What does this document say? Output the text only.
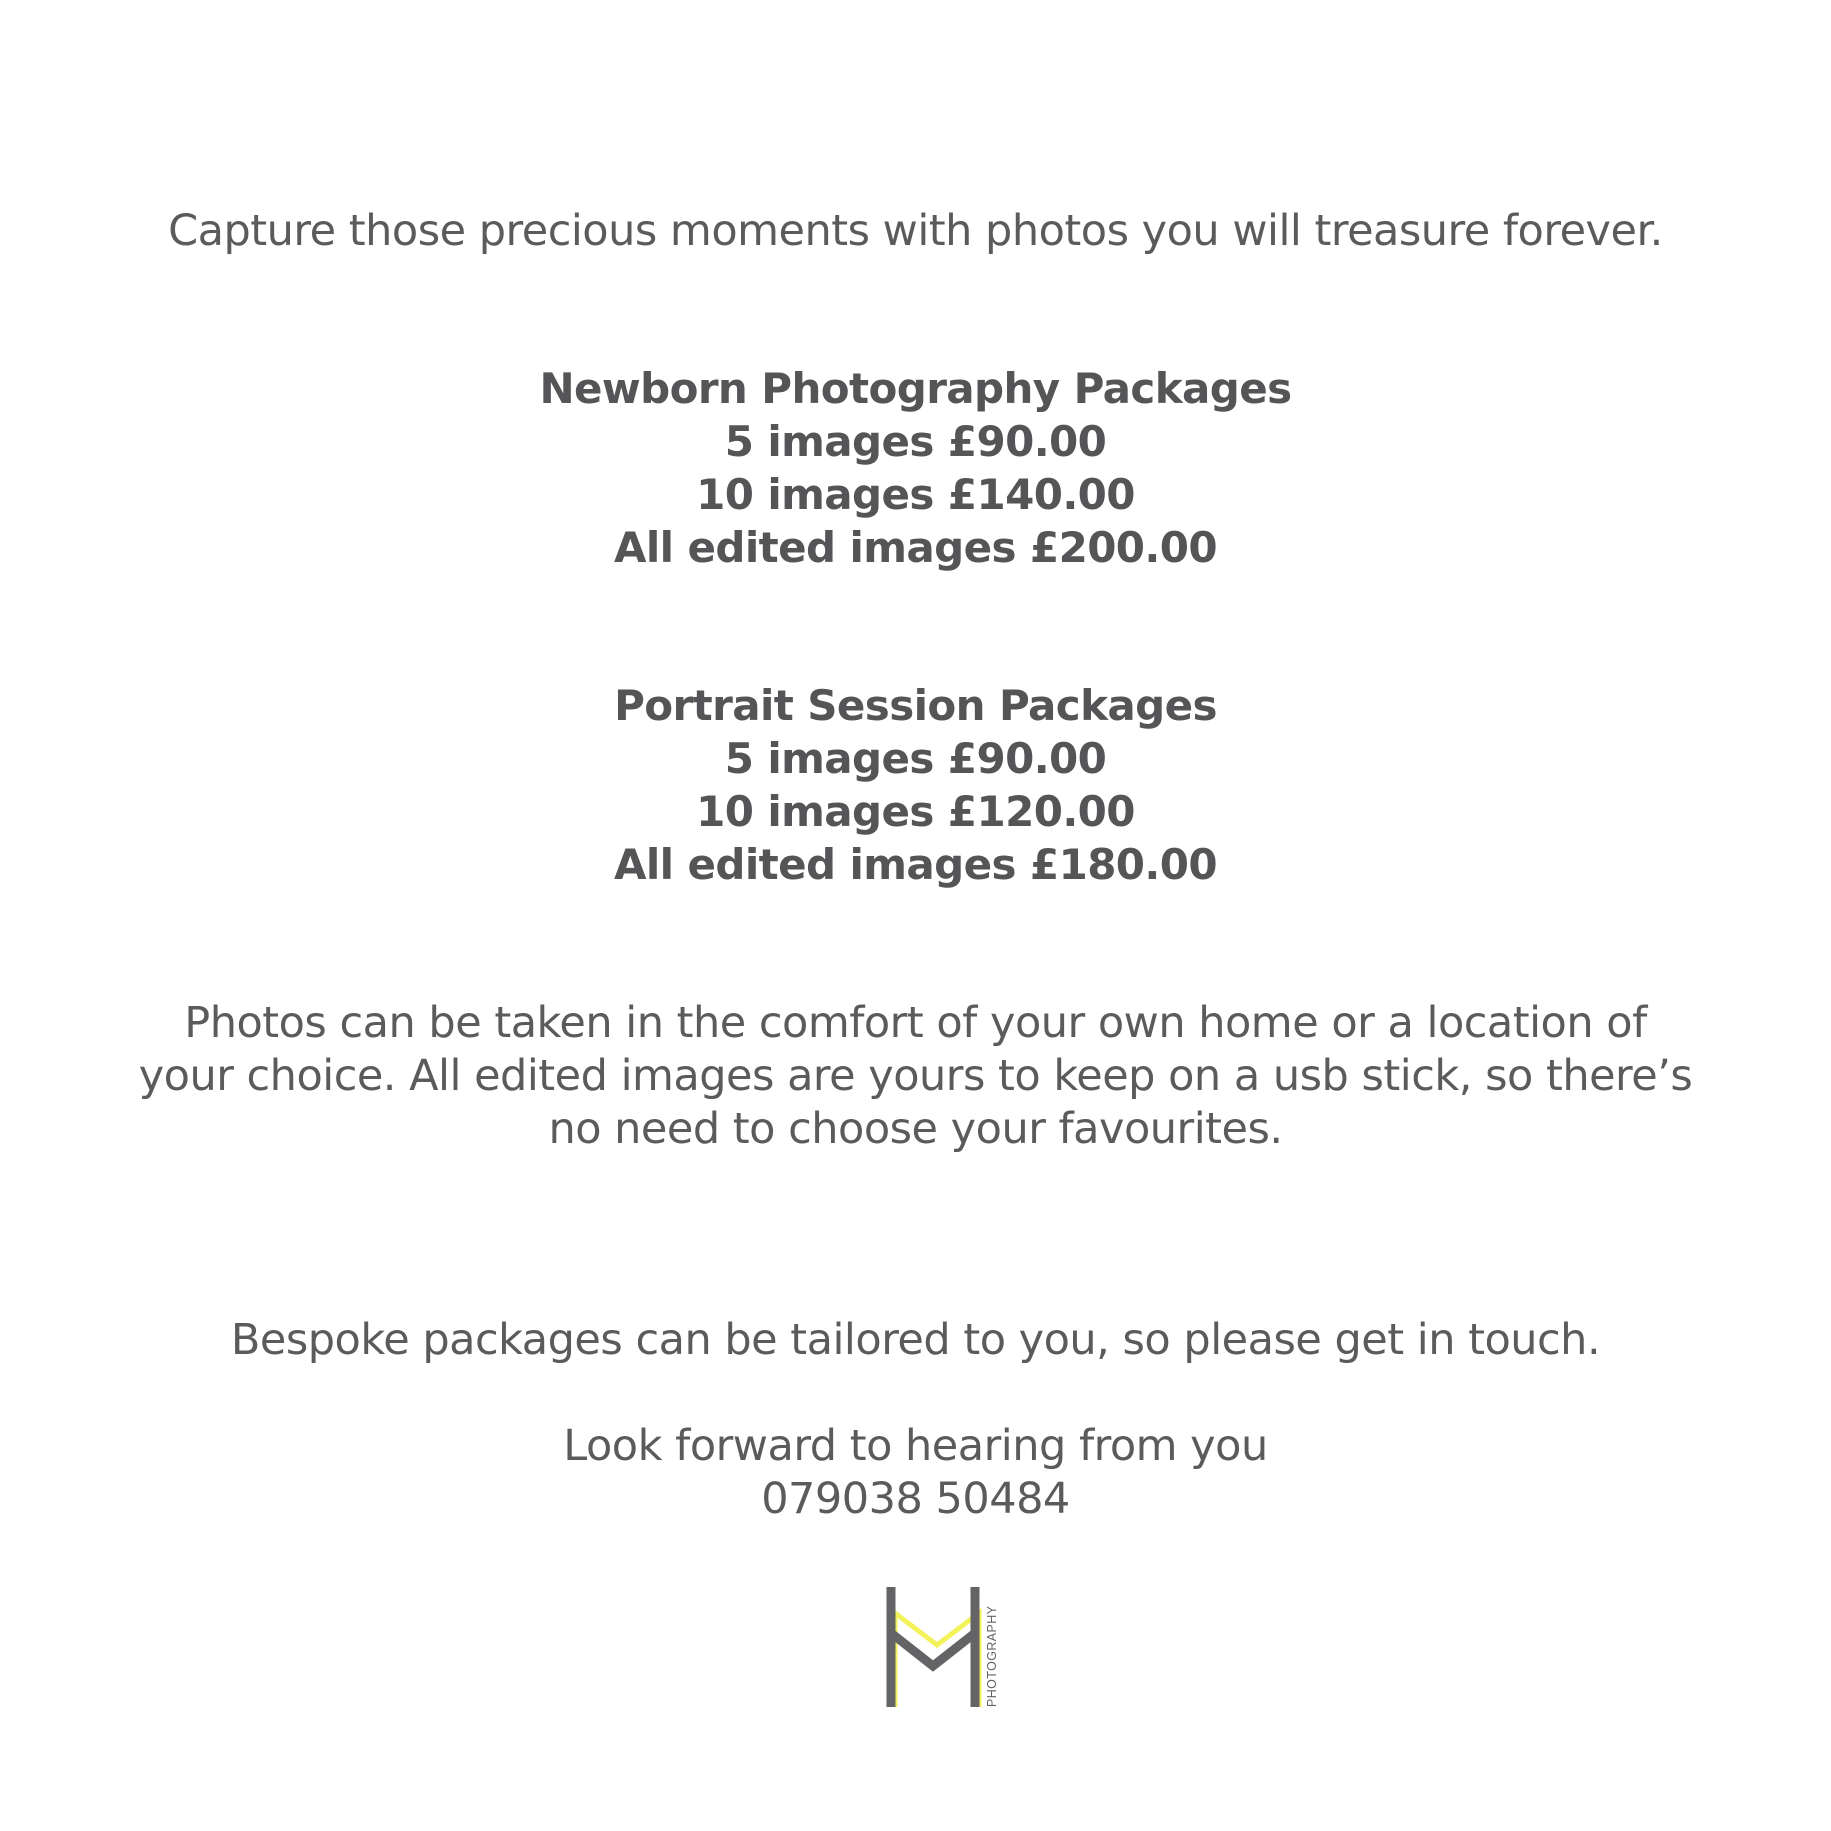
Capture those precious moments with photos you will treasure forever.
Newborn Photography Packages
5 images £90.00
10 images £140.00
All edited images £200.00
Portrait Session Packages
5 images £90.00
10 images £120.00
All edited images £180.00
Photos can be taken in the comfort of your own home or a location of
your choice. All edited images are yours to keep on a usb stick, so there’s
no need to choose your favourites.
Bespoke packages can be tailored to you, so please get in touch.
Look forward to hearing from you
079038 50484
PHOTOGRAPHY
